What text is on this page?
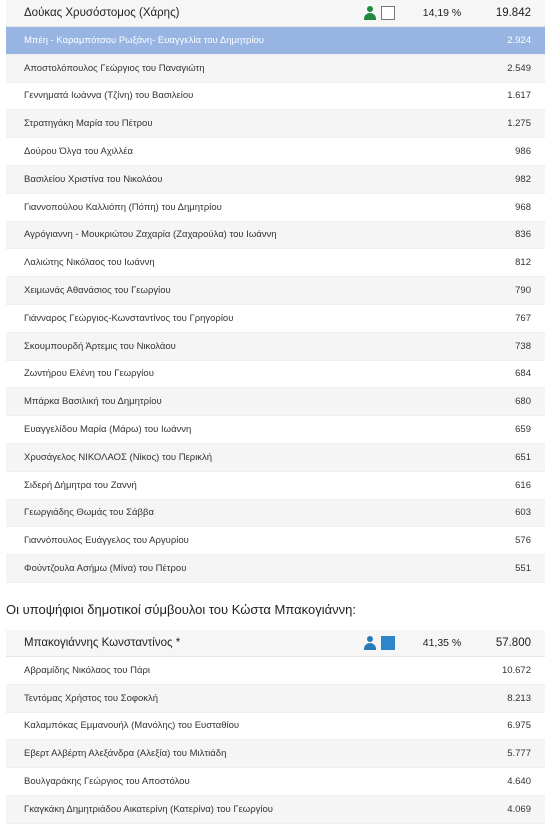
Δούκας Χρυσόστομος (Χάρης)	14,19 %	19.842
Μπέη - Καραμπότσου Ρωξάνη- Ευαγγελία του Δημητρίου	2.924
Αποστολόπουλος Γεώργιος του Παναγιώτη	2.549
Γεννηματά Ιωάννα (Τζίνη) του Βασιλείου	1.617
Στρατηγάκη Μαρία του Πέτρου	1.275
Δούρου Όλγα του Αχιλλέα	986
Βασιλείου Χριστίνα του Νικολάου	982
Γιαννοπούλου Καλλιόπη (Πόπη) του Δημητρίου	968
Αγρόγιαννη - Μουκριώτου Ζαχαρία (Ζαχαρούλα) του Ιωάννη	836
Λαλιώτης Νικόλαος του Ιωάννη	812
Χειμωνάς Αθανάσιος του Γεωργίου	790
Γιάνναρος Γεώργιος-Κωνσταντίνος του Γρηγορίου	767
Σκουμπουρδή Άρτεμις του Νικολάου	738
Ζωντήρου Ελένη του Γεωργίου	684
Μπάρκα Βασιλική του Δημητρίου	680
Ευαγγελίδου Μαρία (Μάρω) του Ιωάννη	659
Χρυσάγελος ΝΙΚΟΛΑΟΣ (Νίκος) του Περικλή	651
Σιδερή Δήμητρα του Ζαννή	616
Γεωργιάδης Θωμάς του Σάββα	603
Γιαννόπουλος Ευάγγελος του Αργυρίου	576
Φούντζουλα Ασήμω (Μίνα) του Πέτρου	551
Οι υποψήφιοι δημοτικοί σύμβουλοι του Κώστα Μπακογιάννη:
Μπακογιάννης Κωνσταντίνος *	41,35 %	57.800
Αβραμίδης Νικόλαος του Πάρι	10.672
Τεντόμας Χρήστος του Σοφοκλή	8.213
Καλαμπόκας Εμμανουήλ (Μανόλης) του Ευσταθίου	6.975
Εβερτ Αλβέρτη Αλεξάνδρα (Αλεξία) του Μιλτιάδη	5.777
Βουλγαράκης Γεώργιος του Αποστόλου	4.640
Γκαγκάκη Δημητριάδου Αικατερίνη (Κατερίνα) του Γεωργίου	4.069
